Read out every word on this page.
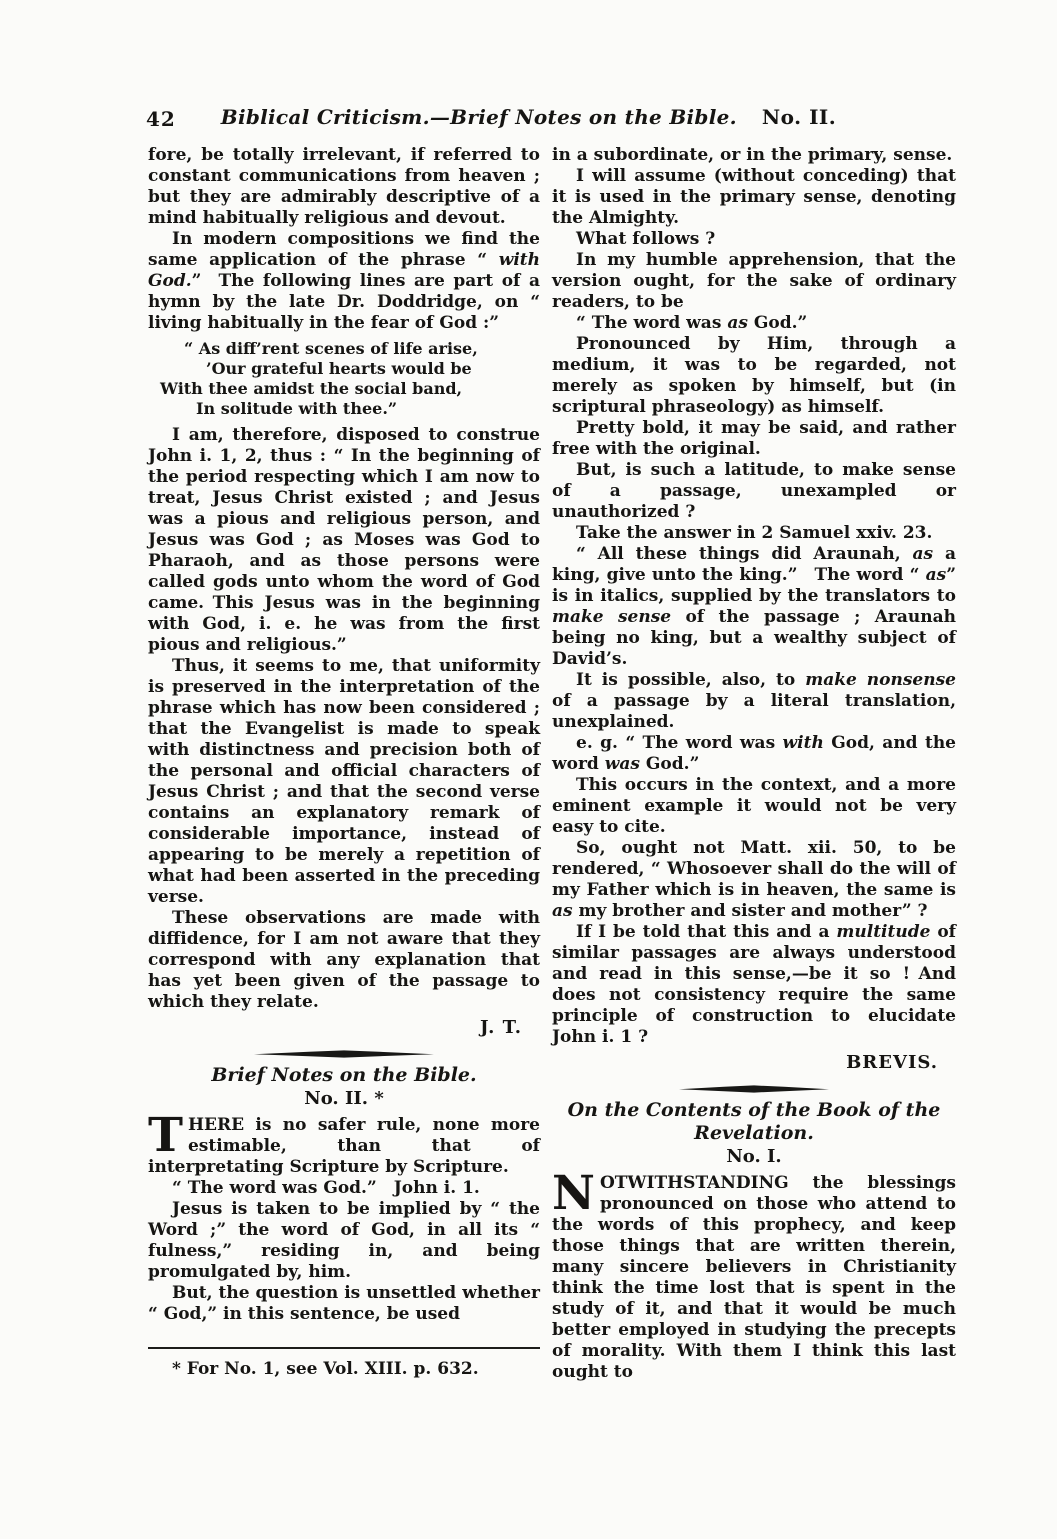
42	Biblical Criticism.—Brief Notes on the Bible. No. II.

fore, be totally irrelevant, if referred to constant communications from heaven ; but they are admirably descriptive of a mind habitually religious and devout.

In modern compositions we find the same application of the phrase “ with God.”  The following lines are part of a hymn by the late Dr. Doddridge, on “ living habitually in the fear of God :”

“ As diff’rent scenes of life arise,
’Our grateful hearts would be
With thee amidst the social band,
In solitude with thee.”

I am, therefore, disposed to construe John i. 1, 2, thus : “ In the beginning of the period respecting which I am now to treat, Jesus Christ existed ; and Jesus was a pious and religious person, and Jesus was God ; as Moses was God to Pharaoh, and as those persons were called gods unto whom the word of God came. This Jesus was in the beginning with God, i. e. he was from the first pious and religious.”

Thus, it seems to me, that uniformity is preserved in the interpretation of the phrase which has now been considered ; that the Evangelist is made to speak with distinctness and precision both of the personal and official characters of Jesus Christ ; and that the second verse contains an explanatory remark of considerable importance, instead of appearing to be merely a repetition of what had been asserted in the preceding verse.

These observations are made with diffidence, for I am not aware that they correspond with any explanation that has yet been given of the passage to which they relate.

J. T.
Brief Notes on the Bible.
No. II. *

THERE is no safer rule, none more estimable, than that of interpretating Scripture by Scripture.

“ The word was God.”  John i. 1.

Jesus is taken to be implied by “ the Word ;” the word of God, in all its “ fulness,” residing in, and being promulgated by, him.

But, the question is unsettled whether “ God,” in this sentence, be used

* For No. 1, see Vol. XIII. p. 632.

in a subordinate, or in the primary, sense.

I will assume (without conceding) that it is used in the primary sense, denoting the Almighty.

What follows ?

In my humble apprehension, that the version ought, for the sake of ordinary readers, to be

“ The word was as God.”

Pronounced by Him, through a medium, it was to be regarded, not merely as spoken by himself, but (in scriptural phraseology) as himself.

Pretty bold, it may be said, and rather free with the original.

But, is such a latitude, to make sense of a passage, unexampled or unauthorized ?

Take the answer in 2 Samuel xxiv. 23.

“ All these things did Araunah, as a king, give unto the king.”  The word “ as” is in italics, supplied by the translators to make sense of the passage ; Araunah being no king, but a wealthy subject of David’s.

It is possible, also, to make nonsense of a passage by a literal translation, unexplained.

e. g. “ The word was with God, and the word was God.”

This occurs in the context, and a more eminent example it would not be very easy to cite.

So, ought not Matt. xii. 50, to be rendered, “ Whosoever shall do the will of my Father which is in heaven, the same is as my brother and sister and mother” ?

If I be told that this and a multitude of similar passages are always understood and read in this sense,—be it so ! And does not consistency require the same principle of construction to elucidate John i. 1 ?

BREVIS.
On the Contents of the Book of the Revelation.
No. I.

NOTWITHSTANDING the blessings pronounced on those who attend to the words of this prophecy, and keep those things that are written therein, many sincere believers in Christianity think the time lost that is spent in the study of it, and that it would be much better employed in studying the precepts of morality. With them I think this last ought to
